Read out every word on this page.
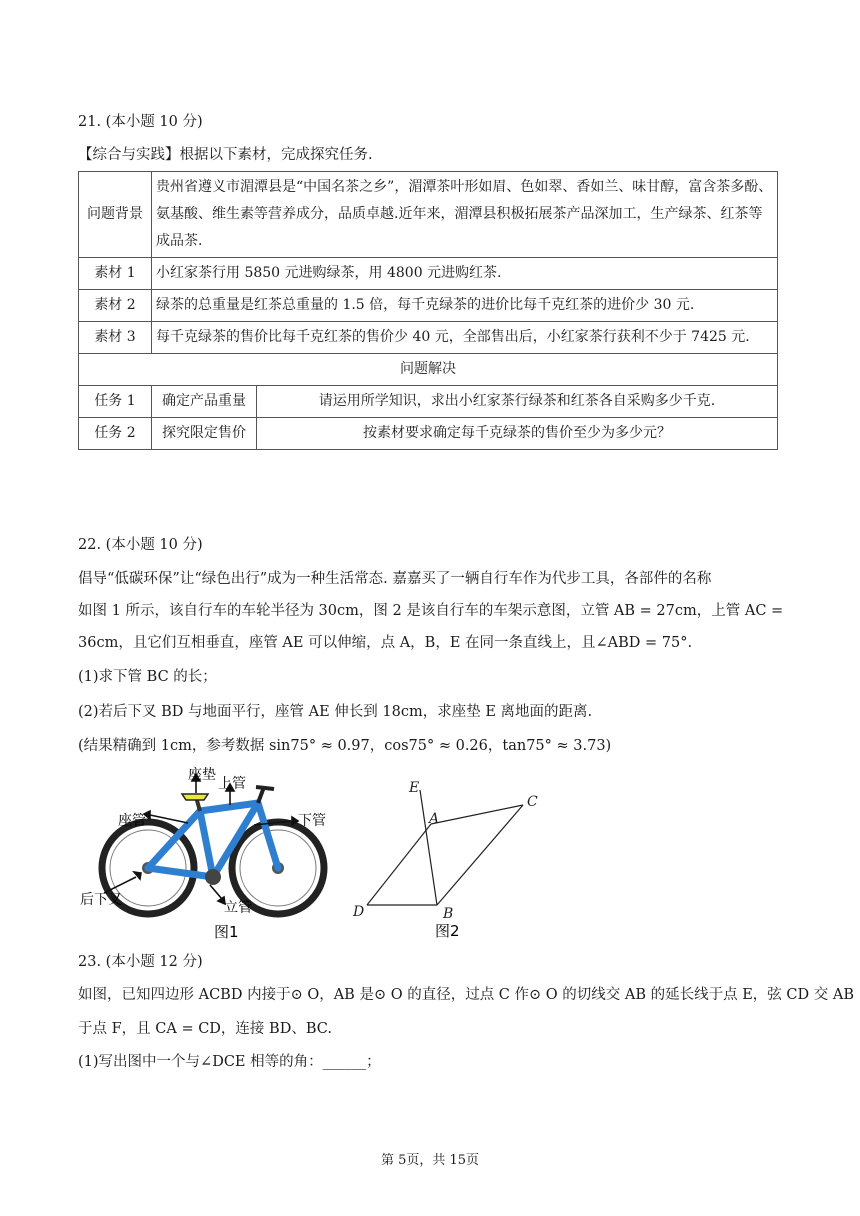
21. (本小题 10 分)
【综合与实践】根据以下素材，完成探究任务.
问题背景	贵州省遵义市湄潭县是“中国名茶之乡”，湄潭茶叶形如眉、色如翠、香如兰、味甘醇，富含茶多酚、氨基酸、维生素等营养成分，品质卓越.近年来，湄潭县积极拓展茶产品深加工，生产绿茶、红茶等成品茶.	
素材 1	小红家茶行用 5850 元进购绿茶，用 4800 元进购红茶.	
素材 2	绿茶的总重量是红茶总重量的 1.5 倍，每千克绿茶的进价比每千克红茶的进价少 30 元.	
素材 3	每千克绿茶的售价比每千克红茶的售价少 40 元，全部售出后，小红家茶行获利不少于 7425 元.	
问题解决		
任务 1	确定产品重量	请运用所学知识，求出小红家茶行绿茶和红茶各自采购多少千克.
任务 2	探究限定售价	按素材要求确定每千克绿茶的售价至少为多少元？
22. (本小题 10 分)
倡导“低碳环保”让“绿色出行”成为一种生活常态. 嘉嘉买了一辆自行车作为代步工具，各部件的名称
如图 1 所示，该自行车的车轮半径为 30cm，图 2 是该自行车的车架示意图，立管 AB = 27cm，上管 AC =
36cm，且它们互相垂直，座管 AE 可以伸缩，点 A，B，E 在同一条直线上，且∠ABD = 75°.
(1)求下管 BC 的长；
(2)若后下叉 BD 与地面平行，座管 AE 伸长到 18cm，求座垫 E 离地面的距离.
(结果精确到 1cm，参考数据 sin75° ≈ 0.97，cos75° ≈ 0.26，tan75° ≈ 3.73)
座垫
上管
座管	下管
后下叉	立管
图1
E
A
C
D	B
图2
23. (本小题 12 分)
如图，已知四边形 ACBD 内接于⊙ O，AB 是⊙ O 的直径，过点 C 作⊙ O 的切线交 AB 的延长线于点 E，弦 CD 交 AB
于点 F，且 CA = CD，连接 BD、BC.
(1)写出图中一个与∠DCE 相等的角：______；
第 5页，共 15页
